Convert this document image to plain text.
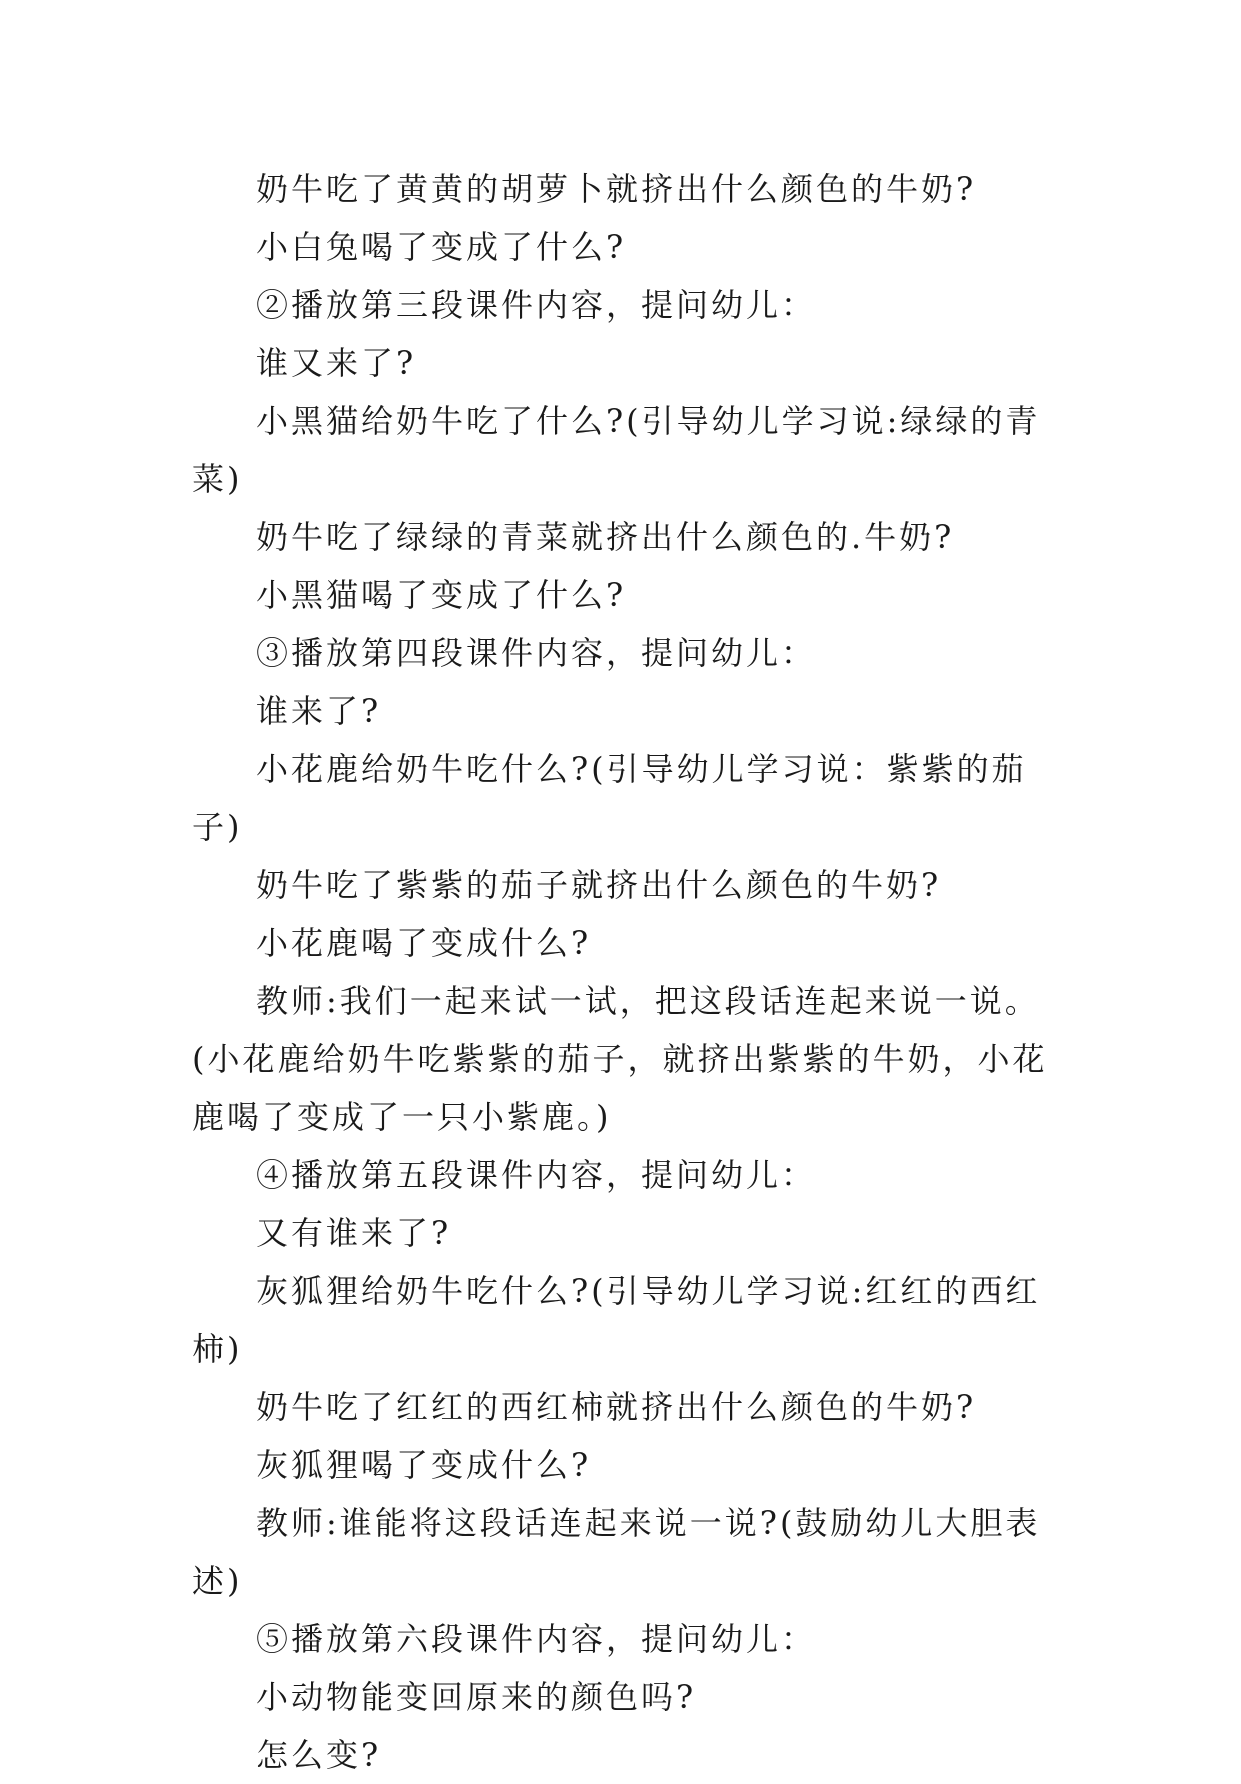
奶牛吃了黄黄的胡萝卜就挤出什么颜色的牛奶?

小白兔喝了变成了什么?

②播放第三段课件内容，提问幼儿：

谁又来了?

小黑猫给奶牛吃了什么?(引导幼儿学习说:绿绿的青菜)

奶牛吃了绿绿的青菜就挤出什么颜色的.牛奶?

小黑猫喝了变成了什么?

③播放第四段课件内容，提问幼儿：

谁来了?

小花鹿给奶牛吃什么?(引导幼儿学习说：紫紫的茄子)

奶牛吃了紫紫的茄子就挤出什么颜色的牛奶?

小花鹿喝了变成什么?

教师:我们一起来试一试，把这段话连起来说一说。(小花鹿给奶牛吃紫紫的茄子，就挤出紫紫的牛奶，小花鹿喝了变成了一只小紫鹿。)

④播放第五段课件内容，提问幼儿：

又有谁来了?

灰狐狸给奶牛吃什么?(引导幼儿学习说:红红的西红柿)

奶牛吃了红红的西红柿就挤出什么颜色的牛奶?

灰狐狸喝了变成什么?

教师:谁能将这段话连起来说一说?(鼓励幼儿大胆表述)

⑤播放第六段课件内容，提问幼儿：

小动物能变回原来的颜色吗?

怎么变?
